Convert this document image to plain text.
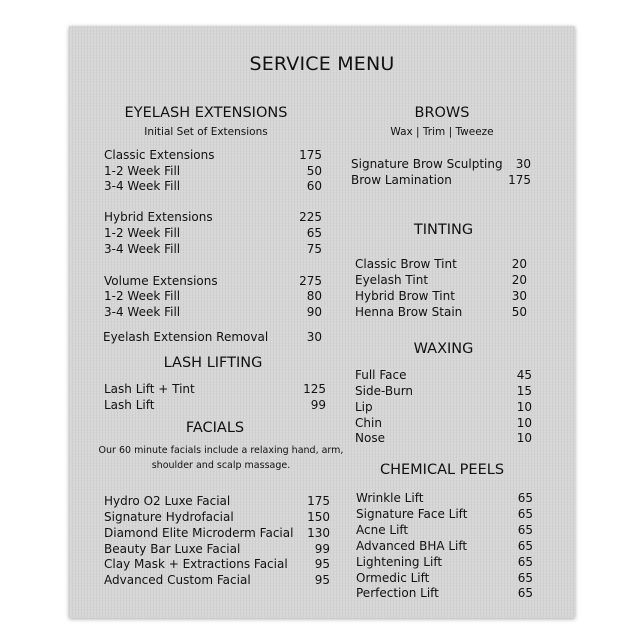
SERVICE MENU
EYELASH EXTENSIONS
Initial Set of Extensions
Classic Extensions	175
1-2 Week Fill	50
3-4 Week Fill	60
Hybrid Extensions	225
1-2 Week Fill	65
3-4 Week Fill	75
Volume Extensions	275
1-2 Week Fill	80
3-4 Week Fill	90
Eyelash Extension Removal	30
LASH LIFTING
Lash Lift + Tint	125
Lash Lift	99
FACIALS
Our 60 minute facials include a relaxing hand, arm, shoulder and scalp massage.
Hydro O2 Luxe Facial	175
Signature Hydrofacial	150
Diamond Elite Microderm Facial 130
Beauty Bar Luxe Facial	99
Clay Mask + Extractions Facial 95
Advanced Custom Facial	95
BROWS
Wax | Trim | Tweeze
Signature Brow Sculpting 30
Brow Lamination	175
TINTING
Classic Brow Tint	20
Eyelash Tint	20
Hybrid Brow Tint	30
Henna Brow Stain	50
WAXING
Full Face	45
Side-Burn	15
Lip	10
Chin	10
Nose	10
CHEMICAL PEELS
Wrinkle Lift	65
Signature Face Lift	65
Acne Lift	65
Advanced BHA Lift	65
Lightening Lift	65
Ormedic Lift	65
Perfection Lift	65
